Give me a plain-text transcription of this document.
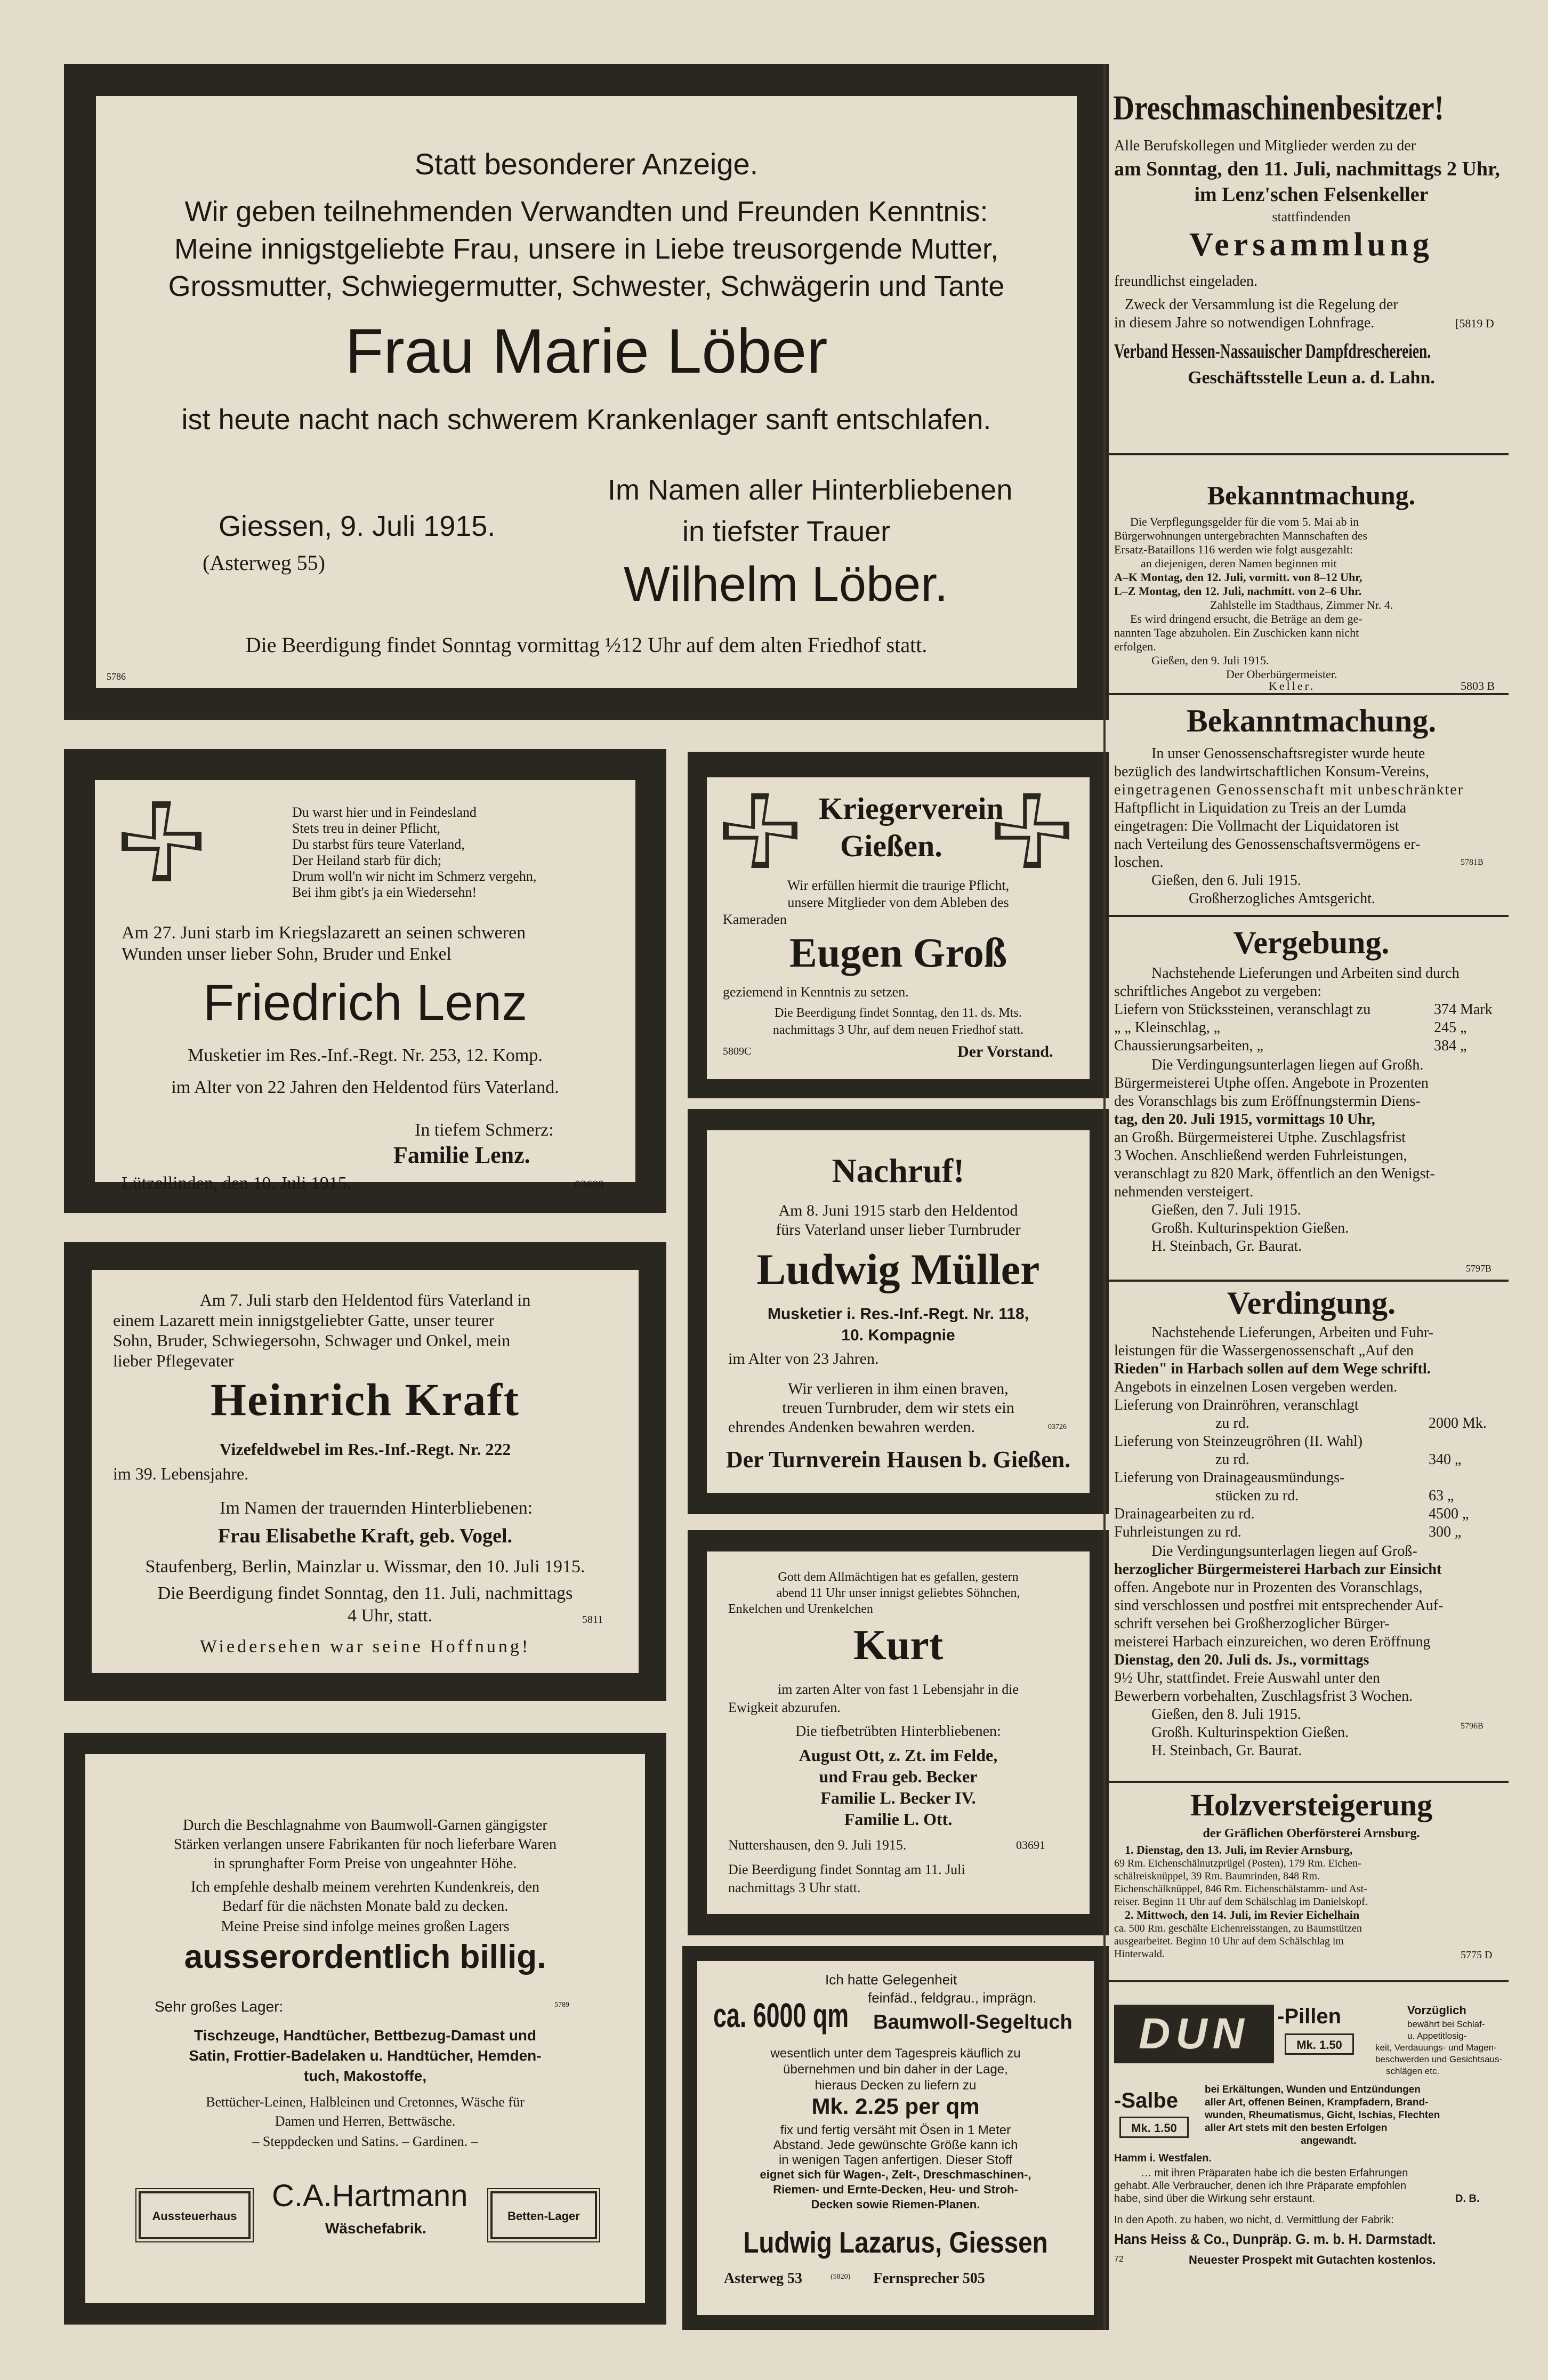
Statt besonderer Anzeige.
Wir geben teilnehmenden Verwandten und Freunden Kenntnis:
Meine innigstgeliebte Frau, unsere in Liebe treusorgende Mutter,
Grossmutter, Schwiegermutter, Schwester, Schwägerin und Tante
Frau Marie Löber
ist heute nacht nach schwerem Krankenlager sanft entschlafen.
Giessen, 9. Juli 1915.
(Asterweg 55)
Im Namen aller Hinterbliebenen
in tiefster Trauer
Wilhelm Löber.
Die Beerdigung findet Sonntag vormittag ½12 Uhr auf dem alten Friedhof statt.
5786
Du warst hier und in Feindesland
Stets treu in deiner Pflicht,
Du starbst fürs teure Vaterland,
Der Heiland starb für dich;
Drum woll'n wir nicht im Schmerz vergehn,
Bei ihm gibt's ja ein Wiedersehn!
Am 27. Juni starb im Kriegslazarett an seinen schweren
Wunden unser lieber Sohn, Bruder und Enkel
Friedrich Lenz
Musketier im Res.-Inf.-Regt. Nr. 253, 12. Komp.
im Alter von 22 Jahren den Heldentod fürs Vaterland.
In tiefem Schmerz:
Familie Lenz.
Lützellinden, den 10. Juli 1915.	03689
Kriegerverein
Gießen.
Wir erfüllen hiermit die traurige Pflicht,
unsere Mitglieder von dem Ableben des
Kameraden
Eugen Groß
geziemend in Kenntnis zu setzen.
Die Beerdigung findet Sonntag, den 11. ds. Mts.
nachmittags 3 Uhr, auf dem neuen Friedhof statt.
5809C	Der Vorstand.
Am 7. Juli starb den Heldentod fürs Vaterland in
einem Lazarett mein innigstgeliebter Gatte, unser teurer
Sohn, Bruder, Schwiegersohn, Schwager und Onkel, mein
lieber Pflegevater
Heinrich Kraft
Vizefeldwebel im Res.-Inf.-Regt. Nr. 222
im 39. Lebensjahre.
Im Namen der trauernden Hinterbliebenen:
Frau Elisabethe Kraft, geb. Vogel.
Staufenberg, Berlin, Mainzlar u. Wissmar, den 10. Juli 1915.
Die Beerdigung findet Sonntag, den 11. Juli, nachmittags
4 Uhr, statt.	5811
Wiedersehen war seine Hoffnung!
Nachruf!
Am 8. Juni 1915 starb den Heldentod
fürs Vaterland unser lieber Turnbruder
Ludwig Müller
Musketier i. Res.-Inf.-Regt. Nr. 118,
10. Kompagnie
im Alter von 23 Jahren.
Wir verlieren in ihm einen braven,
treuen Turnbruder, dem wir stets ein
ehrendes Andenken bewahren werden.	03726
Der Turnverein Hausen b. Gießen.
Gott dem Allmächtigen hat es gefallen, gestern
abend 11 Uhr unser innigst geliebtes Söhnchen,
Enkelchen und Urenkelchen
Kurt
im zarten Alter von fast 1 Lebensjahr in die
Ewigkeit abzurufen.
Die tiefbetrübten Hinterbliebenen:
August Ott, z. Zt. im Felde,
und Frau geb. Becker
Familie L. Becker IV.
Familie L. Ott.
Nuttershausen, den 9. Juli 1915.	03691
Die Beerdigung findet Sonntag am 11. Juli
nachmittags 3 Uhr statt.
Durch die Beschlagnahme von Baumwoll-Garnen gängigster
Stärken verlangen unsere Fabrikanten für noch lieferbare Waren
in sprunghafter Form Preise von ungeahnter Höhe.
Ich empfehle deshalb meinem verehrten Kundenkreis, den
Bedarf für die nächsten Monate bald zu decken.
Meine Preise sind infolge meines großen Lagers
ausserordentlich billig.
Sehr großes Lager:	5789
Tischzeuge, Handtücher, Bettbezug-Damast und
Satin, Frottier-Badelaken u. Handtücher, Hemden-
tuch, Makostoffe,
Bettücher-Leinen, Halbleinen und Cretonnes, Wäsche für
Damen und Herren, Bettwäsche.
– Steppdecken und Satins. – Gardinen. –
Aussteuerhaus
C.A.Hartmann
Wäschefabrik.
Betten-Lager
Ich hatte Gelegenheit
feinfäd., feldgrau., imprägn.
ca. 6000 qm Baumwoll-Segeltuch
wesentlich unter dem Tagespreis käuflich zu
übernehmen und bin daher in der Lage,
hieraus Decken zu liefern zu
Mk. 2.25 per qm
fix und fertig versäht mit Ösen in 1 Meter
Abstand. Jede gewünschte Größe kann ich
in wenigen Tagen anfertigen. Dieser Stoff
eignet sich für Wagen-, Zelt-, Dreschmaschinen-,
Riemen- und Ernte-Decken, Heu- und Stroh-
Decken sowie Riemen-Planen.
Ludwig Lazarus, Giessen
Asterweg 53	(5820) Fernsprecher 505
Dreschmaschinenbesitzer!
Alle Berufskollegen und Mitglieder werden zu der
am Sonntag, den 11. Juli, nachmittags 2 Uhr,
im Lenz'schen Felsenkeller
stattfindenden
Versammlung
freundlichst eingeladen.
Zweck der Versammlung ist die Regelung der
in diesem Jahre so notwendigen Lohnfrage.	[5819 D
Verband Hessen-Nassauischer Dampfdreschereien.
Geschäftsstelle Leun a. d. Lahn.
Bekanntmachung.
Die Verpflegungsgelder für die vom 5. Mai ab in
Bürgerwohnungen untergebrachten Mannschaften des
Ersatz-Bataillons 116 werden wie folgt ausgezahlt:
an diejenigen, deren Namen beginnen mit
A–K Montag, den 12. Juli, vormitt. von 8–12 Uhr,
L–Z Montag, den 12. Juli, nachmitt. von 2–6 Uhr.
Zahlstelle im Stadthaus, Zimmer Nr. 4.
Es wird dringend ersucht, die Beträge an dem ge-
nannten Tage abzuholen. Ein Zuschicken kann nicht
erfolgen.
Gießen, den 9. Juli 1915.
Der Oberbürgermeister.
Keller.	5803 B
Bekanntmachung.
In unser Genossenschaftsregister wurde heute
bezüglich des landwirtschaftlichen Konsum-Vereins,
eingetragenen Genossenschaft mit unbeschränkter
Haftpflicht in Liquidation zu Treis an der Lumda
eingetragen: Die Vollmacht der Liquidatoren ist
nach Verteilung des Genossenschaftsvermögens er-
loschen.	5781B
Gießen, den 6. Juli 1915.
Großherzogliches Amtsgericht.
Vergebung.
Nachstehende Lieferungen und Arbeiten sind durch
schriftliches Angebot zu vergeben:
Liefern von Stückssteinen, veranschlagt zu	374 Mark
„ „ Kleinschlag, „	245 „
Chaussierungsarbeiten, „	384 „
Die Verdingungsunterlagen liegen auf Großh.
Bürgermeisterei Utphe offen. Angebote in Prozenten
des Voranschlags bis zum Eröffnungstermin Diens-
tag, den 20. Juli 1915, vormittags 10 Uhr,
an Großh. Bürgermeisterei Utphe. Zuschlagsfrist
3 Wochen. Anschließend werden Fuhrleistungen,
veranschlagt zu 820 Mark, öffentlich an den Wenigst-
nehmenden versteigert.
Gießen, den 7. Juli 1915.
Großh. Kulturinspektion Gießen.
H. Steinbach, Gr. Baurat.
5797B
Verdingung.
Nachstehende Lieferungen, Arbeiten und Fuhr-
leistungen für die Wassergenossenschaft „Auf den
Rieden" in Harbach sollen auf dem Wege schriftl.
Angebots in einzelnen Losen vergeben werden.
Lieferung von Drainröhren, veranschlagt
zu rd.	2000 Mk.
Lieferung von Steinzeugröhren (II. Wahl)
zu rd.	340 „
Lieferung von Drainageausmündungs-
stücken zu rd.	63 „
Drainagearbeiten zu rd.	4500 „
Fuhrleistungen zu rd.	300 „
Die Verdingungsunterlagen liegen auf Groß-
herzoglicher Bürgermeisterei Harbach zur Einsicht
offen. Angebote nur in Prozenten des Voranschlags,
sind verschlossen und postfrei mit entsprechender Auf-
schrift versehen bei Großherzoglicher Bürger-
meisterei Harbach einzureichen, wo deren Eröffnung
Dienstag, den 20. Juli ds. Js., vormittags
9½ Uhr, stattfindet. Freie Auswahl unter den
Bewerbern vorbehalten, Zuschlagsfrist 3 Wochen.
Gießen, den 8. Juli 1915.
Großh. Kulturinspektion Gießen.
H. Steinbach, Gr. Baurat.
5796B
Holzversteigerung
der Gräflichen Oberförsterei Arnsburg.
1. Dienstag, den 13. Juli, im Revier Arnsburg,
69 Rm. Eichenschälnutzprügel (Posten), 179 Rm. Eichen-
schälreisknüppel, 39 Rm. Baumrinden, 848 Rm.
Eichenschälknüppel, 846 Rm. Eichenschälstamm- und Ast-
reiser. Beginn 11 Uhr auf dem Schälschlag im Danielskopf.
2. Mittwoch, den 14. Juli, im Revier Eichelhain
ca. 500 Rm. geschälte Eichenreisstangen, zu Baumstützen
ausgearbeitet. Beginn 10 Uhr auf dem Schälschlag im
Hinterwald.	5775 D
DUN	-Pillen
Mk. 1.50
Vorzüglich
bewährt bei Schlaf-
u. Appetitlosig-
keit, Verdauungs- und Magen-
beschwerden und Gesichtsaus-
schlägen etc.
-Salbe
Mk. 1.50
bei Erkältungen, Wunden und Entzündungen
aller Art, offenen Beinen, Krampfadern, Brand-
wunden, Rheumatismus, Gicht, Ischias, Flechten
aller Art stets mit den besten Erfolgen
angewandt.
Hamm i. Westfalen.
… mit ihren Präparaten habe ich die besten Erfahrungen
gehabt. Alle Verbraucher, denen ich Ihre Präparate empfohlen
habe, sind über die Wirkung sehr erstaunt.	D. B.
In den Apoth. zu haben, wo nicht, d. Vermittlung der Fabrik:
Hans Heiss & Co., Dunpräp. G. m. b. H. Darmstadt.
72	Neuester Prospekt mit Gutachten kostenlos.
